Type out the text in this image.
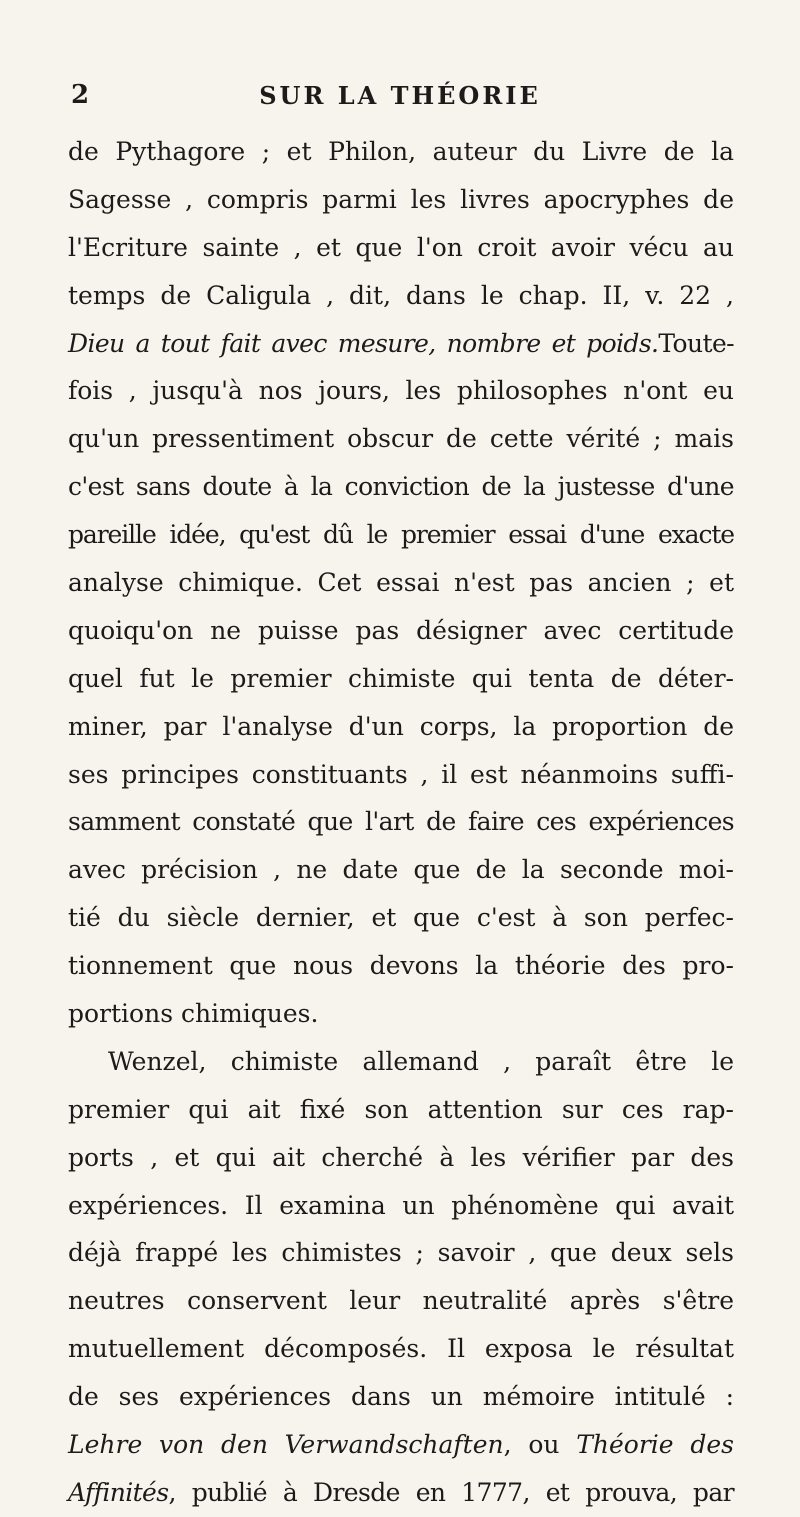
2	SUR LA THÉORIE
de Pythagore ; et Philon, auteur du Livre de la
Sagesse , compris parmi les livres apocryphes de
l'Ecriture sainte , et que l'on croit avoir vécu au
temps de Caligula , dit, dans le chap. II, v. 22 ,
Dieu a tout fait avec mesure, nombre et poids.Toute-
fois , jusqu'à nos jours, les philosophes n'ont eu
qu'un pressentiment obscur de cette vérité ; mais
c'est sans doute à la conviction de la justesse d'une
pareille idée, qu'est dû le premier essai d'une exacte
analyse chimique. Cet essai n'est pas ancien ; et
quoiqu'on ne puisse pas désigner avec certitude
quel fut le premier chimiste qui tenta de déter-
miner, par l'analyse d'un corps, la proportion de
ses principes constituants , il est néanmoins suffi-
samment constaté que l'art de faire ces expériences
avec précision , ne date que de la seconde moi-
tié du siècle dernier, et que c'est à son perfec-
tionnement que nous devons la théorie des pro-
portions chimiques.
Wenzel, chimiste allemand , paraît être le
premier qui ait fixé son attention sur ces rap-
ports , et qui ait cherché à les vérifier par des
expériences. Il examina un phénomène qui avait
déjà frappé les chimistes ; savoir , que deux sels
neutres conservent leur neutralité après s'être
mutuellement décomposés. Il exposa le résultat
de ses expériences dans un mémoire intitulé :
Lehre von den Verwandschaften, ou Théorie des
Affinités, publié à Dresde en 1777, et prouva, par
